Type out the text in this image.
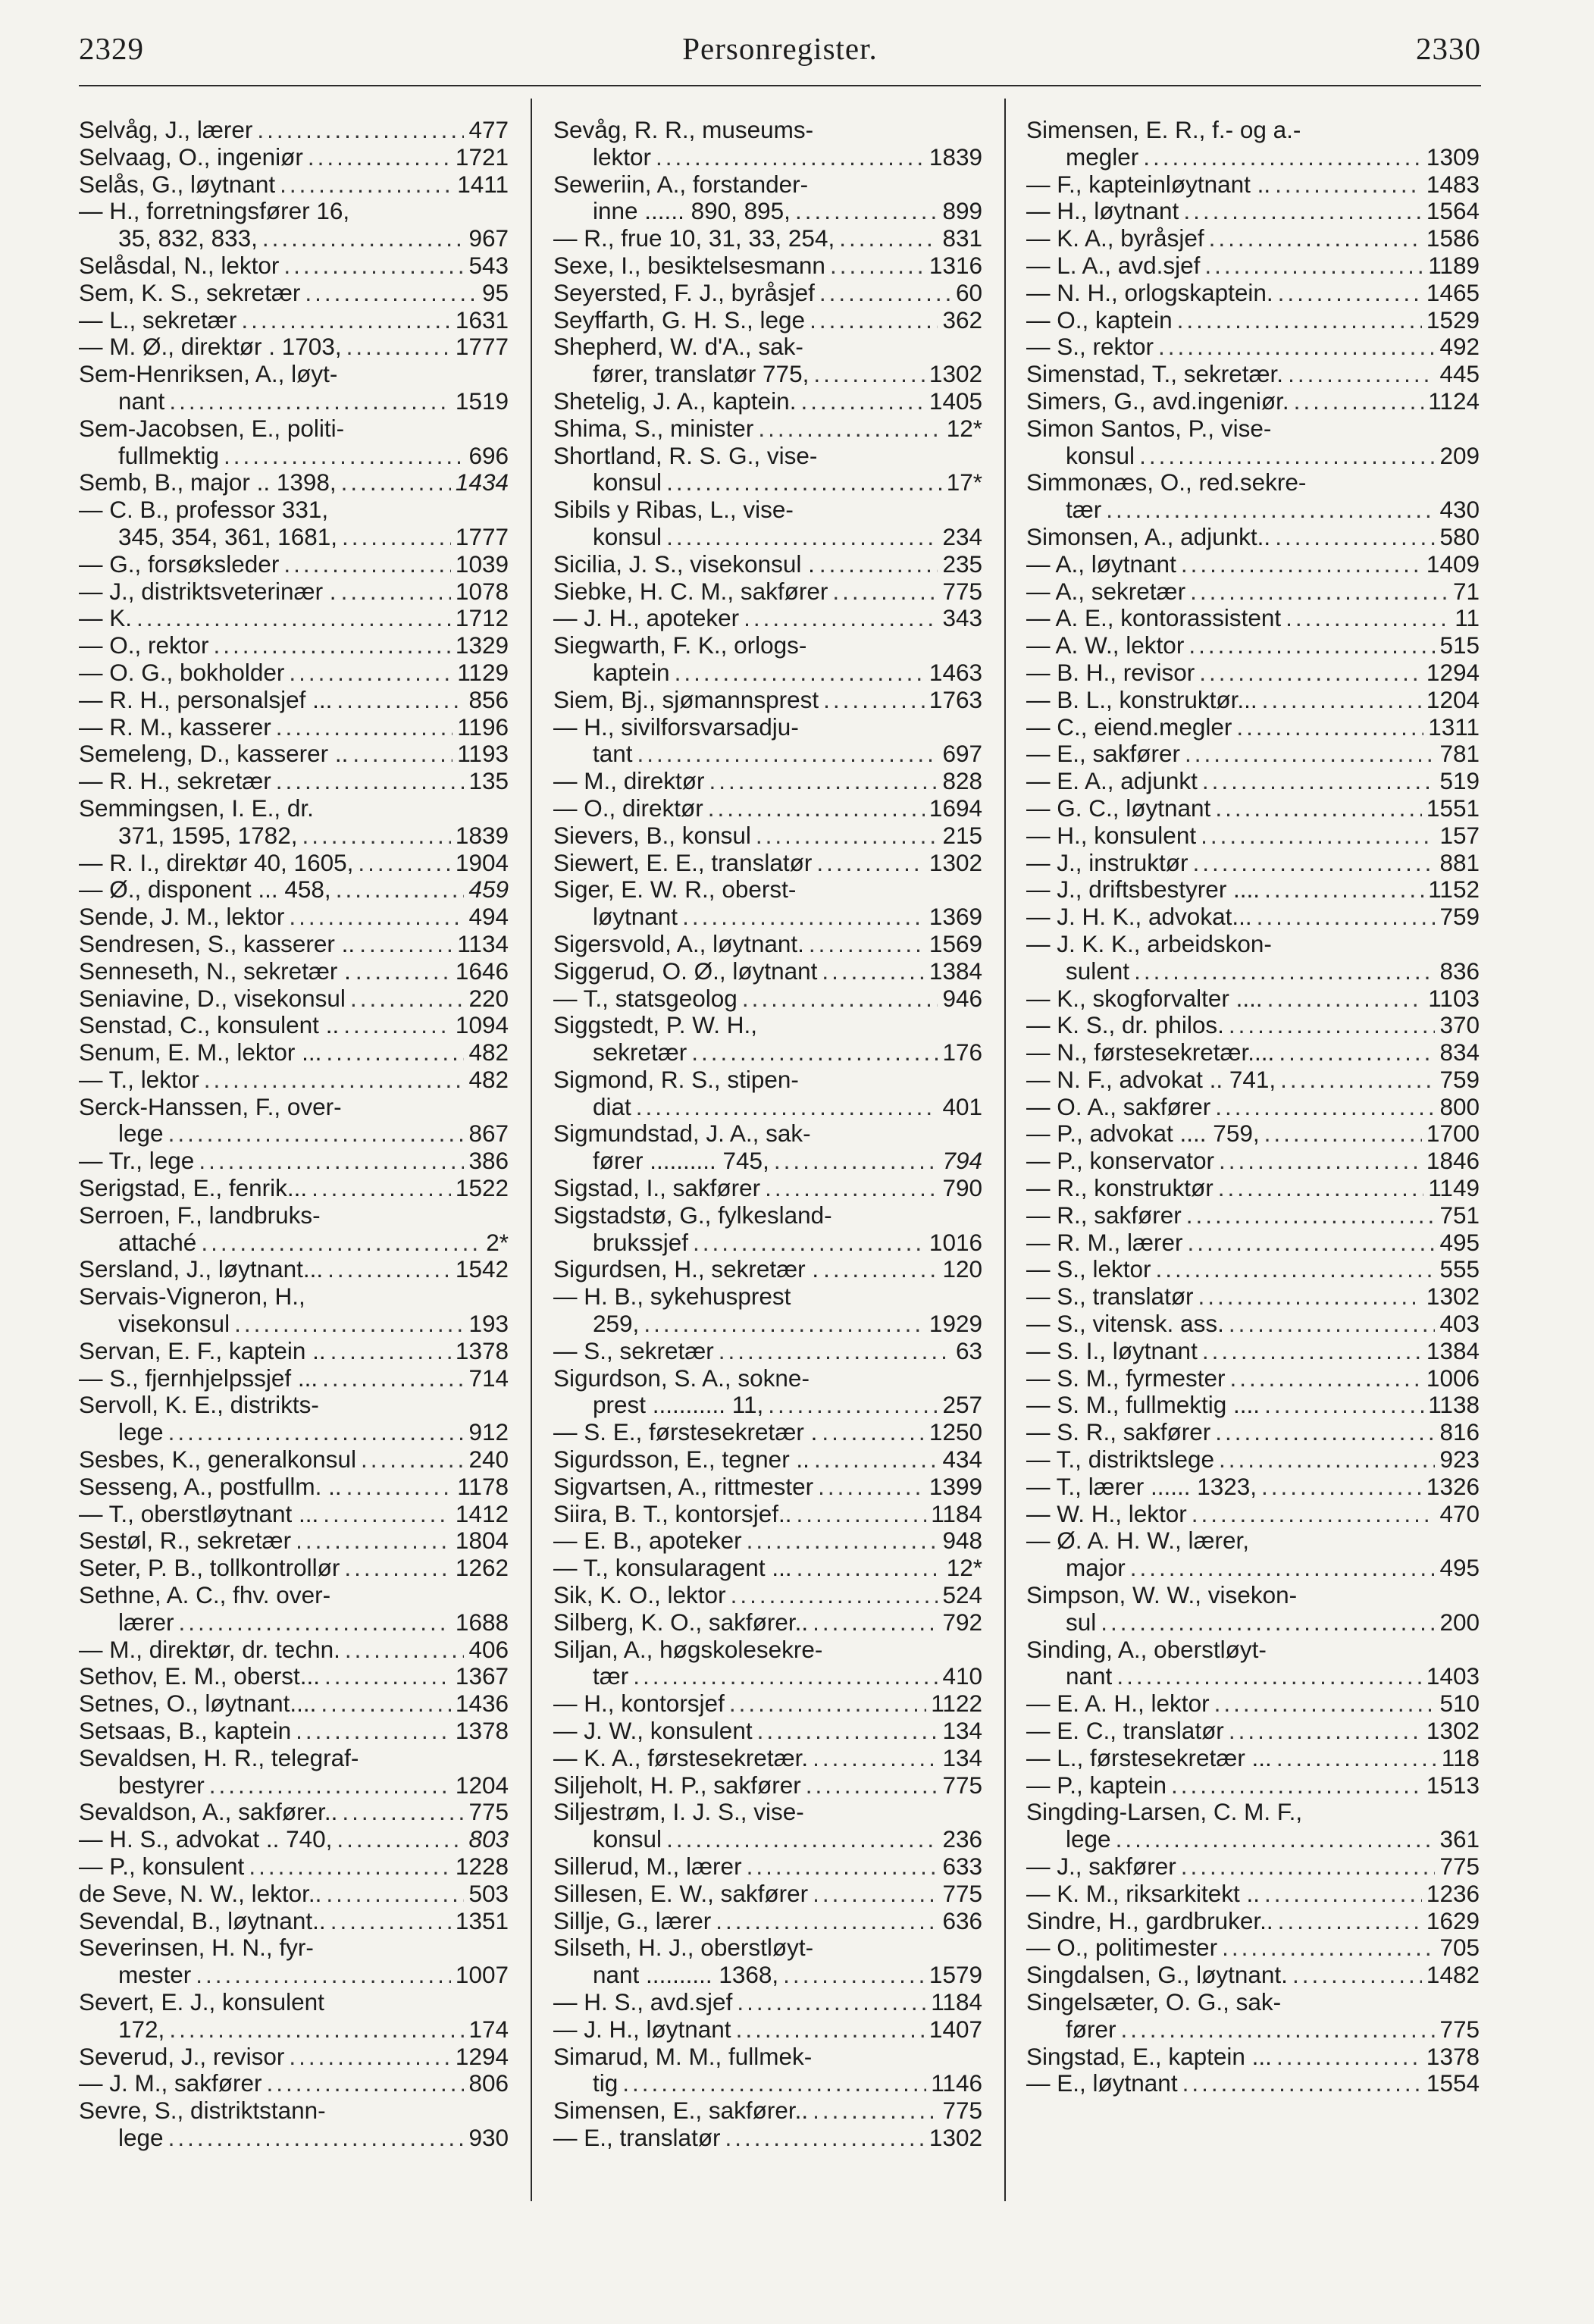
2329	Personregister.	2330
Selvåg, J., lærer .....	477
Selvaag, O., ingeniør .....	1721
Selås, G., løytnant .....	1411
— H., forretningsfører 16,
35, 832, 833, .....	967
Selåsdal, N., lektor .....	543
Sem, K. S., sekretær .....	95
— L., sekretær .....	1631
— M. Ø., direktør . 1703, .....	1777
Sem-Henriksen, A., løyt-
nant .....	1519
Sem-Jacobsen, E., politi-
fullmektig .....	696
Semb, B., major .. 1398, .....	1434
— C. B., professor 331,
345, 354, 361, 1681, .....	1777
— G., forsøksleder .....	1039
— J., distriktsveterinær . .....	1078
— K. .....	1712
— O., rektor .....	1329
— O. G., bokholder .....	1129
— R. H., personalsjef ... .....	856
— R. M., kasserer .....	1196
Semeleng, D., kasserer .. .....	1193
— R. H., sekretær .....	135
Semmingsen, I. E., dr.
371, 1595, 1782, .....	1839
— R. I., direktør 40, 1605, .....	1904
— Ø., disponent ... 458, .....	459
Sende, J. M., lektor .....	494
Sendresen, S., kasserer .. .....	1134
Senneseth, N., sekretær . .....	1646
Seniavine, D., visekonsul .....	220
Senstad, C., konsulent .. .....	1094
Senum, E. M., lektor ... .....	482
— T., lektor .....	482
Serck-Hanssen, F., over-
lege .....	867
— Tr., lege .....	386
Serigstad, E., fenrik... .....	1522
Serroen, F., landbruks-
attaché .....	2*
Sersland, J., løytnant... .....	1542
Servais-Vigneron, H.,
visekonsul .....	193
Servan, E. F., kaptein .. .....	1378
— S., fjernhjelpssjef ... .....	714
Servoll, K. E., distrikts-
lege .....	912
Sesbes, K., generalkonsul .....	240
Sesseng, A., postfullm. .. .....	1178
— T., oberstløytnant ... .....	1412
Sestøl, R., sekretær .....	1804
Seter, P. B., tollkontrollør .....	1262
Sethne, A. C., fhv. over-
lærer .....	1688
— M., direktør, dr. techn. .....	406
Sethov, E. M., oberst... .....	1367
Setnes, O., løytnant.... .....	1436
Setsaas, B., kaptein .....	1378
Sevaldsen, H. R., telegraf-
bestyrer .....	1204
Sevaldson, A., sakfører.. .....	775
— H. S., advokat .. 740, .....	803
— P., konsulent .....	1228
de Seve, N. W., lektor.. .....	503
Sevendal, B., løytnant.. .....	1351
Severinsen, H. N., fyr-
mester .....	1007
Severt, E. J., konsulent
172, .....	174
Severud, J., revisor .....	1294
— J. M., sakfører .....	806
Sevre, S., distriktstann-
lege .....	930
Sevåg, R. R., museums-
lektor .....	1839
Seweriin, A., forstander-
inne ...... 890, 895, .....	899
— R., frue 10, 31, 33, 254, .....	831
Sexe, I., besiktelsesmann .....	1316
Seyersted, F. J., byråsjef .....	60
Seyffarth, G. H. S., lege .....	362
Shepherd, W. d'A., sak-
fører, translatør 775, .....	1302
Shetelig, J. A., kaptein. .....	1405
Shima, S., minister .....	12*
Shortland, R. S. G., vise-
konsul .....	17*
Sibils y Ribas, L., vise-
konsul .....	234
Sicilia, J. S., visekonsul . .....	235
Siebke, H. C. M., sakfører .....	775
— J. H., apoteker .....	343
Siegwarth, F. K., orlogs-
kaptein .....	1463
Siem, Bj., sjømannsprest .....	1763
— H., sivilforsvarsadju-
tant .....	697
— M., direktør .....	828
— O., direktør .....	1694
Sievers, B., konsul .....	215
Siewert, E. E., translatør .....	1302
Siger, E. W. R., oberst-
løytnant .....	1369
Sigersvold, A., løytnant. .....	1569
Siggerud, O. Ø., løytnant .....	1384
— T., statsgeolog .....	946
Siggstedt, P. W. H.,
sekretær .....	176
Sigmond, R. S., stipen-
diat .....	401
Sigmundstad, J. A., sak-
fører .......... 745, .....	794
Sigstad, I., sakfører .....	790
Sigstadstø, G., fylkesland-
brukssjef .....	1016
Sigurdsen, H., sekretær . .....	120
— H. B., sykehusprest
259, .....	1929
— S., sekretær .....	63
Sigurdson, S. A., sokne-
prest ........... 11, .....	257
— S. E., førstesekretær . .....	1250
Sigurdsson, E., tegner .. .....	434
Sigvartsen, A., rittmester .....	1399
Siira, B. T., kontorsjef.. .....	1184
— E. B., apoteker .....	948
— T., konsularagent ... .....	12*
Sik, K. O., lektor .....	524
Silberg, K. O., sakfører.. .....	792
Siljan, A., høgskolesekre-
tær .....	410
— H., kontorsjef .....	1122
— J. W., konsulent .....	134
— K. A., førstesekretær. .....	134
Siljeholt, H. P., sakfører .....	775
Siljestrøm, I. J. S., vise-
konsul .....	236
Sillerud, M., lærer .....	633
Sillesen, E. W., sakfører .....	775
Sillje, G., lærer .....	636
Silseth, H. J., oberstløyt-
nant .......... 1368, .....	1579
— H. S., avd.sjef .....	1184
— J. H., løytnant .....	1407
Simarud, M. M., fullmek-
tig .....	1146
Simensen, E., sakfører.. .....	775
— E., translatør .....	1302
Simensen, E. R., f.- og a.-
megler .....	1309
— F., kapteinløytnant .. .....	1483
— H., løytnant .....	1564
— K. A., byråsjef .....	1586
— L. A., avd.sjef .....	1189
— N. H., orlogskaptein. .....	1465
— O., kaptein .....	1529
— S., rektor .....	492
Simenstad, T., sekretær. .....	445
Simers, G., avd.ingeniør. .....	1124
Simon Santos, P., vise-
konsul .....	209
Simmonæs, O., red.sekre-
tær .....	430
Simonsen, A., adjunkt.. .....	580
— A., løytnant .....	1409
— A., sekretær .....	71
— A. E., kontorassistent .....	11
— A. W., lektor .....	515
— B. H., revisor .....	1294
— B. L., konstruktør... .....	1204
— C., eiend.megler .....	1311
— E., sakfører .....	781
— E. A., adjunkt .....	519
— G. C., løytnant .....	1551
— H., konsulent .....	157
— J., instruktør .....	881
— J., driftsbestyrer .... .....	1152
— J. H. K., advokat... .....	759
— J. K. K., arbeidskon-
sulent .....	836
— K., skogforvalter .... .....	1103
— K. S., dr. philos. .....	370
— N., førstesekretær.... .....	834
— N. F., advokat .. 741, .....	759
— O. A., sakfører .....	800
— P., advokat .... 759, .....	1700
— P., konservator .....	1846
— R., konstruktør .....	1149
— R., sakfører .....	751
— R. M., lærer .....	495
— S., lektor .....	555
— S., translatør .....	1302
— S., vitensk. ass. .....	403
— S. I., løytnant .....	1384
— S. M., fyrmester .....	1006
— S. M., fullmektig .... .....	1138
— S. R., sakfører .....	816
— T., distriktslege .....	923
— T., lærer ...... 1323, .....	1326
— W. H., lektor .....	470
— Ø. A. H. W., lærer,
major .....	495
Simpson, W. W., visekon-
sul .....	200
Sinding, A., oberstløyt-
nant .....	1403
— E. A. H., lektor .....	510
— E. C., translatør .....	1302
— L., førstesekretær ... .....	118
— P., kaptein .....	1513
Singding-Larsen, C. M. F.,
lege .....	361
— J., sakfører .....	775
— K. M., riksarkitekt .. .....	1236
Sindre, H., gardbruker.. .....	1629
— O., politimester .....	705
Singdalsen, G., løytnant. .....	1482
Singelsæter, O. G., sak-
fører .....	775
Singstad, E., kaptein ... .....	1378
— E., løytnant .....	1554
